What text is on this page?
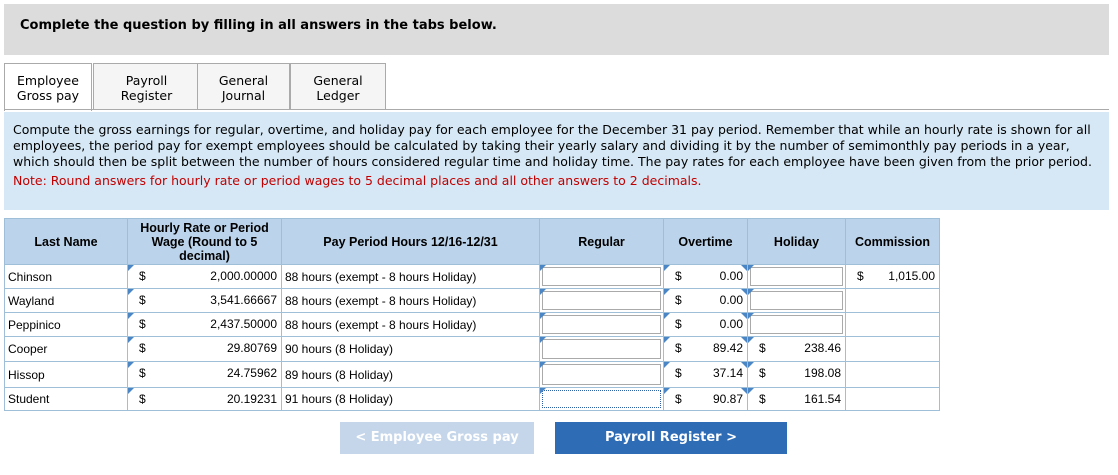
Complete the question by filling in all answers in the tabs below.
Employee
Gross pay
Payroll
Register
General
Journal
General
Ledger
Compute the gross earnings for regular, overtime, and holiday pay for each employee for the December 31 pay period. Remember that while an hourly rate is shown for all employees, the period pay for exempt employees should be calculated by taking their yearly salary and dividing it by the number of semimonthly pay periods in a year, which should then be split between the number of hours considered regular time and holiday time. The pay rates for each employee have been given from the prior period.
Note: Round answers for hourly rate or period wages to 5 decimal places and all other answers to 2 decimals.
Last Name	Hourly Rate or Period Wage (Round to 5 decimal)	Pay Period Hours 12/16-12/31	Regular	Overtime	Holiday	Commission
Chinson	$ 2,000.00000	88 hours (exempt - 8 hours Holiday)		$ 0.00		$ 1,015.00

Wayland	$ 3,541.66667	88 hours (exempt - 8 hours Holiday)		$ 0.00		

Peppinico	$ 2,437.50000	88 hours (exempt - 8 hours Holiday)		$ 0.00		

Cooper	$ 29.80769	90 hours (8 Holiday)		$ 89.42	$ 238.46	

Hissop	$ 24.75962	89 hours (8 Holiday)		$ 37.14	$ 198.08	

Student	$ 20.19231	91 hours (8 Holiday)		$ 90.87	$ 161.54	

< Employee Gross pay	Payroll Register >
